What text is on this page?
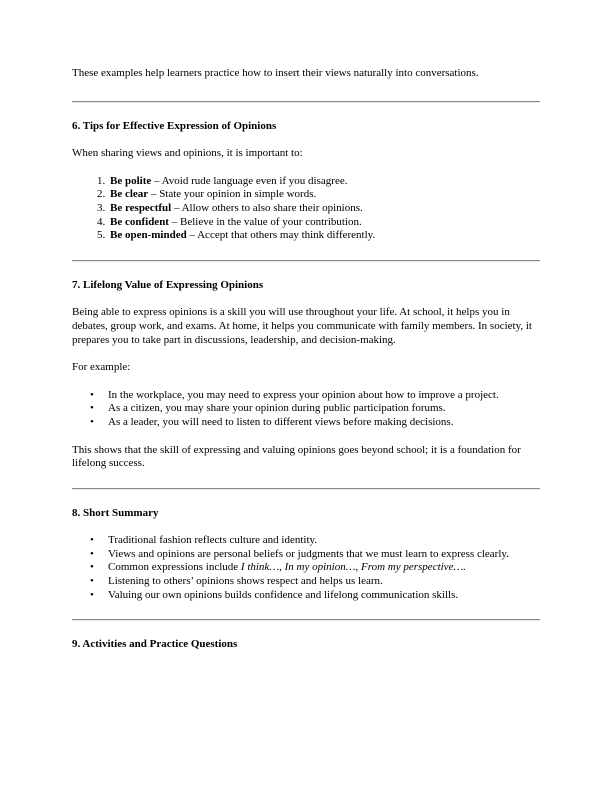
These examples help learners practice how to insert their views naturally into conversations.

6. Tips for Effective Expression of Opinions

When sharing views and opinions, it is important to:

1. Be polite – Avoid rude language even if you disagree.
2. Be clear – State your opinion in simple words.
3. Be respectful – Allow others to also share their opinions.
4. Be confident – Believe in the value of your contribution.
5. Be open-minded – Accept that others may think differently.
7. Lifelong Value of Expressing Opinions

Being able to express opinions is a skill you will use throughout your life. At school, it helps you in debates, group work, and exams. At home, it helps you communicate with family members. In society, it prepares you to take part in discussions, leadership, and decision-making.

For example:

• In the workplace, you may need to express your opinion about how to improve a project.
• As a citizen, you may share your opinion during public participation forums.
• As a leader, you will need to listen to different views before making decisions.

This shows that the skill of expressing and valuing opinions goes beyond school; it is a foundation for lifelong success.

8. Short Summary
• Traditional fashion reflects culture and identity.
• Views and opinions are personal beliefs or judgments that we must learn to express clearly.
• Common expressions include I think…, In my opinion…, From my perspective….
• Listening to others’ opinions shows respect and helps us learn.
• Valuing our own opinions builds confidence and lifelong communication skills.
9. Activities and Practice Questions
